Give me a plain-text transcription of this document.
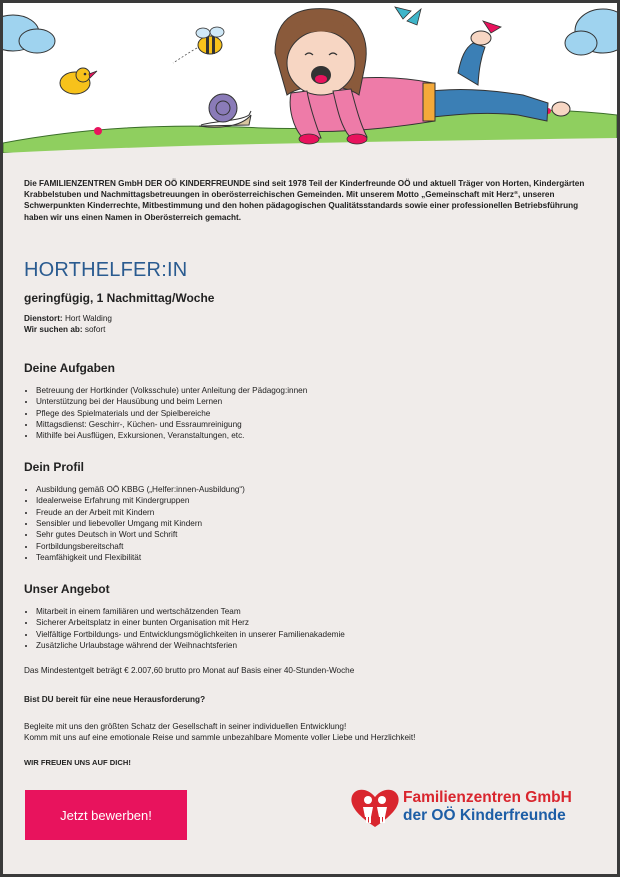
Die FAMILIENZENTREN GmbH DER OÖ KINDERFREUNDE sind seit 1978 Teil der Kinderfreunde OÖ und aktuell Träger von Horten, Kindergärten Krabbelstuben und Nachmittagsbetreuungen in oberösterreichischen Gemeinden. Mit unserem Motto „Gemeinschaft mit Herz“, unseren Schwerpunkten Kinderrechte, Mitbestimmung und den hohen pädagogischen Qualitätsstandards sowie einer professionellen Betriebsführung haben wir uns einen Namen in Oberösterreich gemacht.

HORTHELFER:IN
geringfügig, 1 Nachmittag/Woche
Dienstort: Hort Walding
Wir suchen ab: sofort
Deine Aufgaben
• Betreuung der Hortkinder (Volksschule) unter Anleitung der Pädagog:innen
• Unterstützung bei der Hausübung und beim Lernen
• Pflege des Spielmaterials und der Spielbereiche
• Mittagsdienst: Geschirr-, Küchen- und Essraumreinigung
• Mithilfe bei Ausflügen, Exkursionen, Veranstaltungen, etc.
Dein Profil
• Ausbildung gemäß OÖ KBBG („Helfer:innen-Ausbildung“)
• Idealerweise Erfahrung mit Kindergruppen
• Freude an der Arbeit mit Kindern
• Sensibler und liebevoller Umgang mit Kindern
• Sehr gutes Deutsch in Wort und Schrift
• Fortbildungsbereitschaft
• Teamfähigkeit und Flexibilität
Unser Angebot
• Mitarbeit in einem familiären und wertschätzenden Team
• Sicherer Arbeitsplatz in einer bunten Organisation mit Herz
• Vielfältige Fortbildungs- und Entwicklungsmöglichkeiten in unserer Familienakademie
• Zusätzliche Urlaubstage während der Weihnachtsferien

Das Mindestentgelt beträgt € 2.007,60 brutto pro Monat auf Basis einer 40-Stunden-Woche

Bist DU bereit für eine neue Herausforderung?

Begleite mit uns den größten Schatz der Gesellschaft in seiner individuellen Entwicklung!
Komm mit uns auf eine emotionale Reise und sammle unbezahlbare Momente voller Liebe und Herzlichkeit!

WIR FREUEN UNS AUF DICH!

Jetzt bewerben!
Familienzentren GmbH
der OÖ Kinderfreunde
